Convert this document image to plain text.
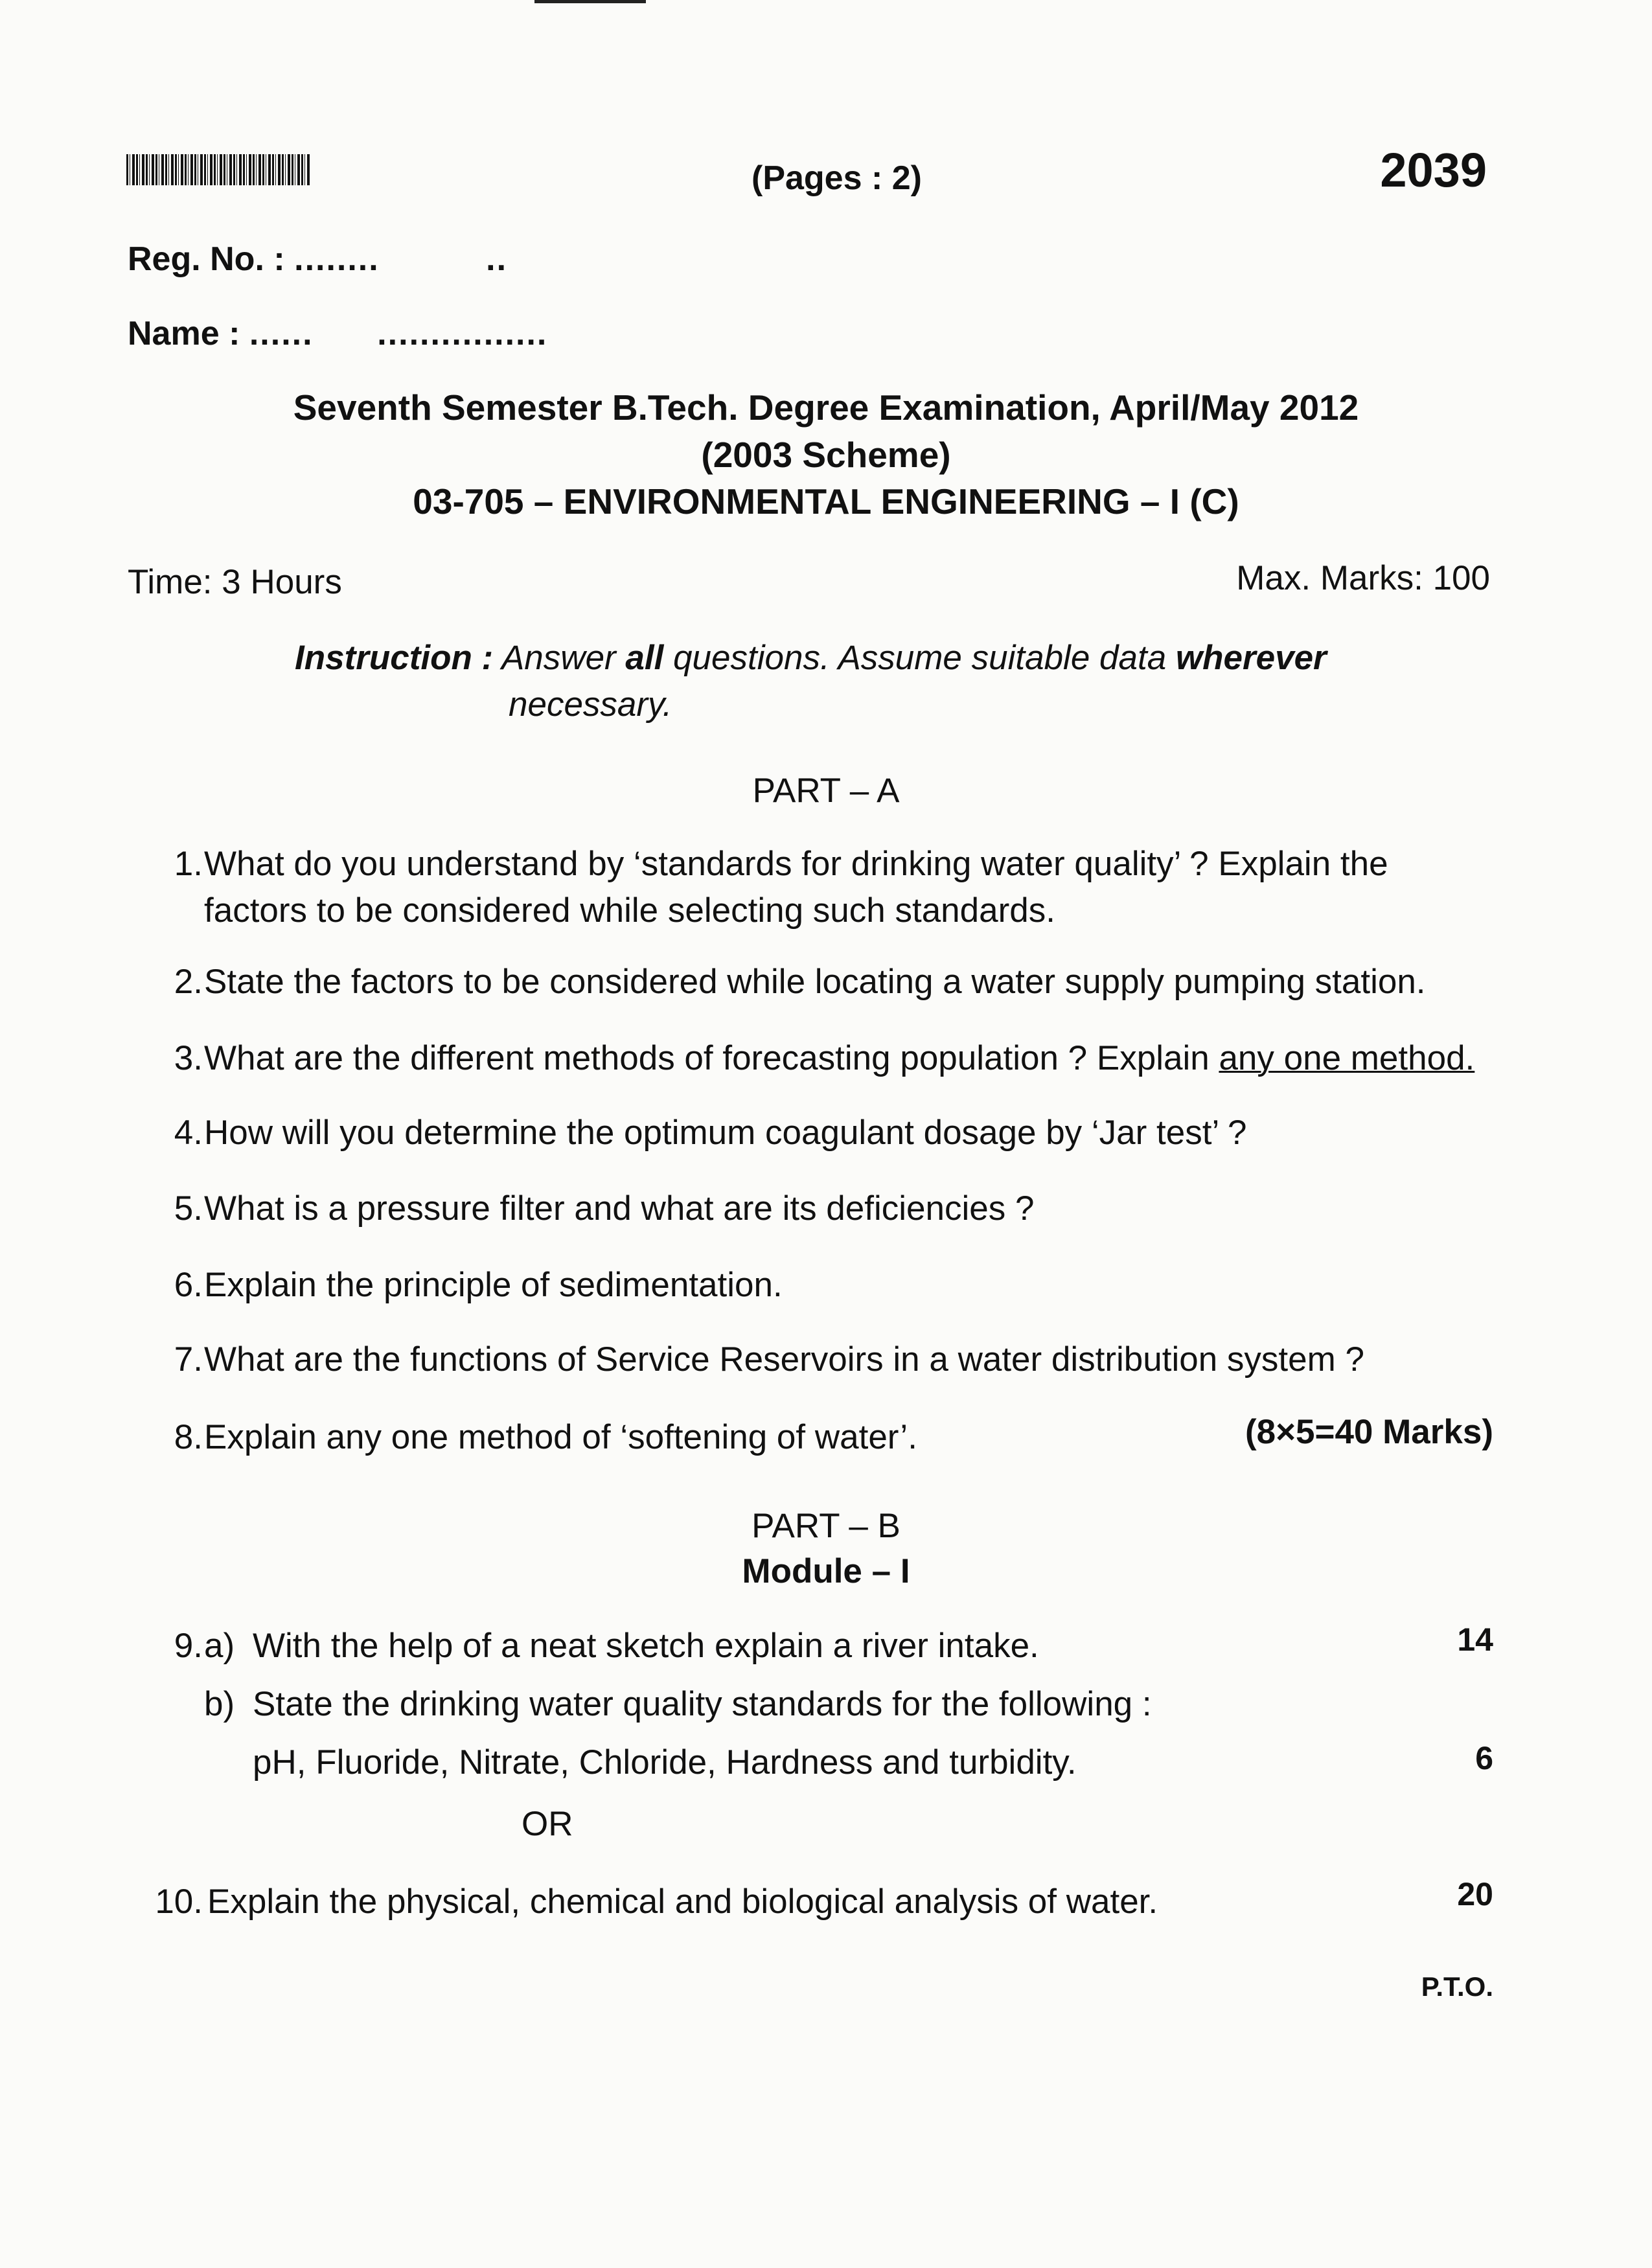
(Pages : 2)	2039
Reg. No. : ........          ..
Name : ......      ................
Seventh Semester B.Tech. Degree Examination, April/May 2012
(2003 Scheme)
03-705 – ENVIRONMENTAL ENGINEERING – I (C)
Time: 3 Hours	Max. Marks: 100
Instruction : Answer all questions. Assume suitable data wherever
necessary.
PART – A
1. What do you understand by ‘standards for drinking water quality’ ? Explain the
factors to be considered while selecting such standards.
2. State the factors to be considered while locating a water supply pumping station.
3. What are the different methods of forecasting population ? Explain any one method.
4. How will you determine the optimum coagulant dosage by ‘Jar test’ ?
5. What is a pressure filter and what are its deficiencies ?
6. Explain the principle of sedimentation.
7. What are the functions of Service Reservoirs in a water distribution system ?
8. Explain any one method of ‘softening of water’.	(8×5=40 Marks)
PART – B
Module – I
9. a) With the help of a neat sketch explain a river intake.	14
b) State the drinking water quality standards for the following :
pH, Fluoride, Nitrate, Chloride, Hardness and turbidity.	6
OR
10. Explain the physical, chemical and biological analysis of water.	20
P.T.O.
